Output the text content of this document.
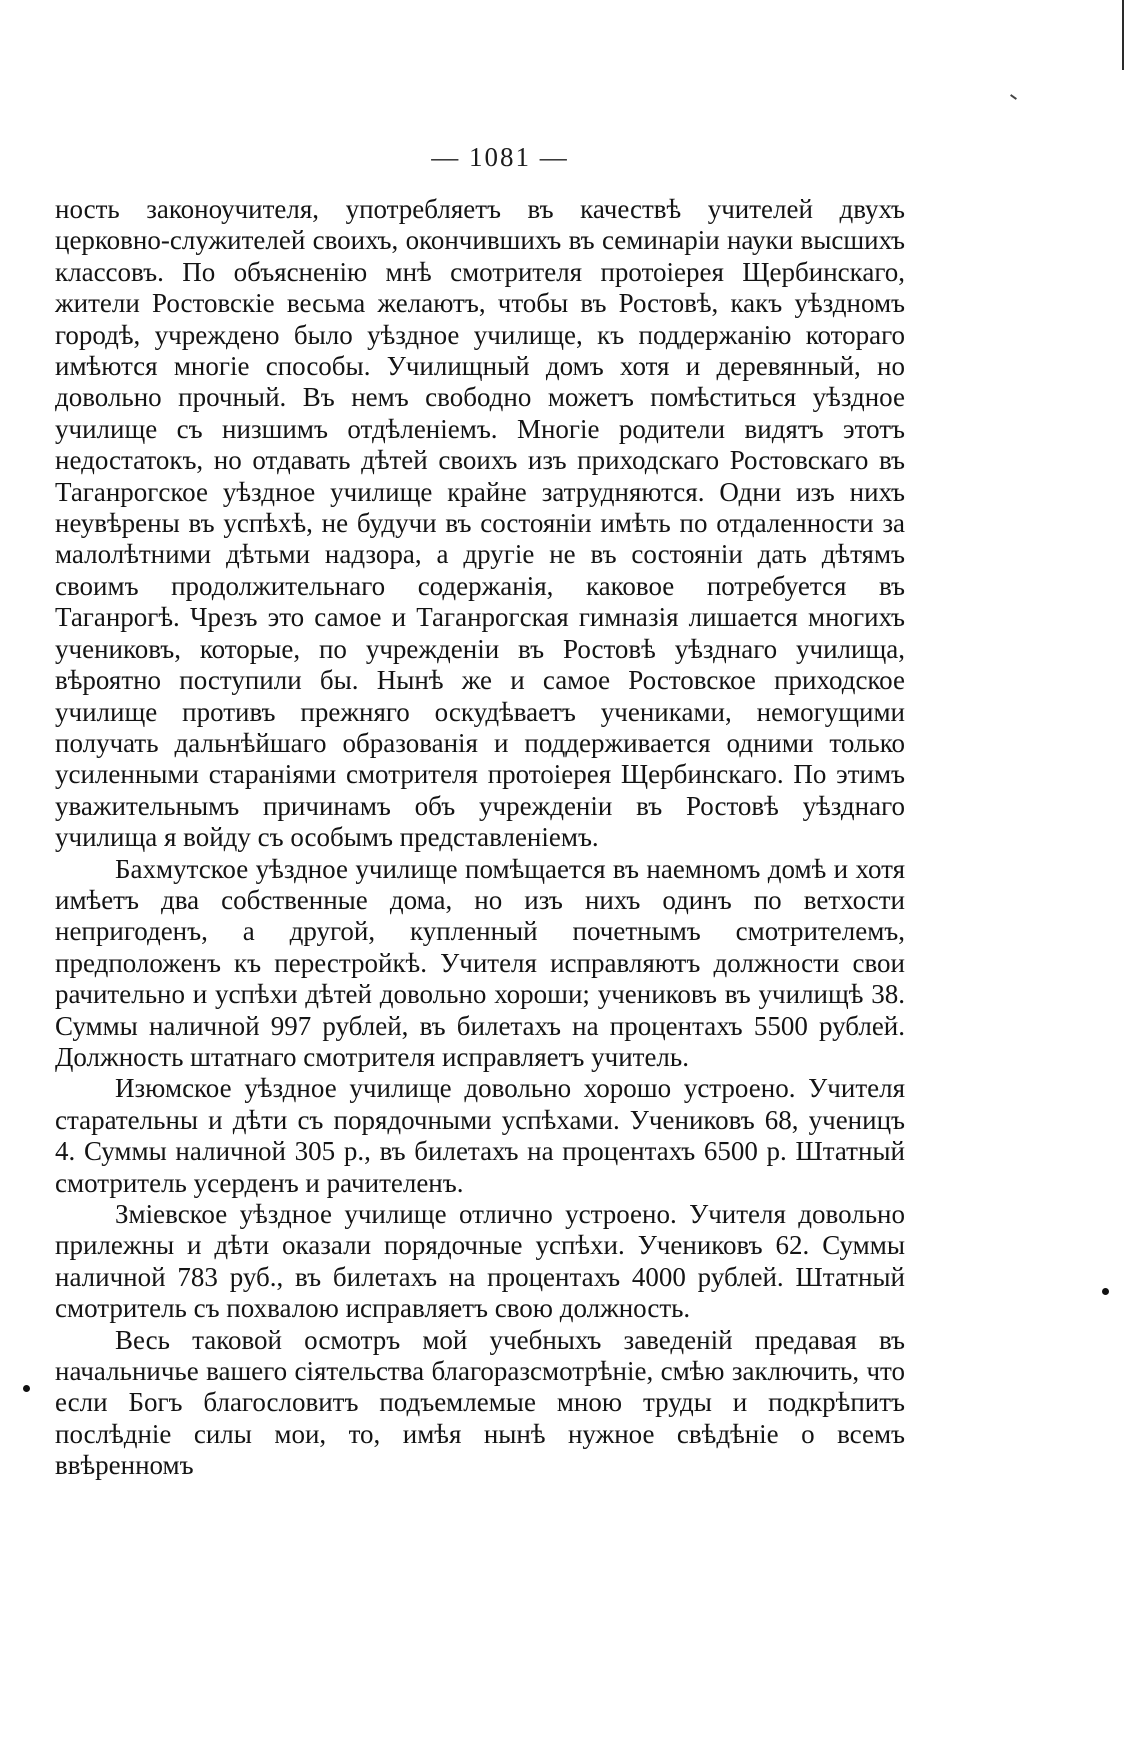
— 1081 —

ность законоучителя, употребляетъ въ качествѣ учителей двухъ церковно-служителей своихъ, окончившихъ въ семинаріи науки высшихъ классовъ. По объясненію мнѣ смотрителя протоіерея Щербинскаго, жители Ростовскіе весьма желаютъ, чтобы въ Ростовѣ, какъ уѣздномъ городѣ, учреждено было уѣздное училище, къ поддержанію котораго имѣются многіе способы. Училищный домъ хотя и деревянный, но довольно прочный. Въ немъ свободно можетъ помѣститься уѣздное училище съ низшимъ отдѣленіемъ. Многіе родители видятъ этотъ недостатокъ, но отдавать дѣтей своихъ изъ приходскаго Ростовскаго въ Таганрогское уѣздное училище крайне затрудняются. Одни изъ нихъ неувѣрены въ успѣхѣ, не будучи въ состояніи имѣть по отдаленности за малолѣтними дѣтьми надзора, а другіе не въ состояніи дать дѣтямъ своимъ продолжительнаго содержанія, каковое потребуется въ Таганрогѣ. Чрезъ это самое и Таганрогская гимназія лишается многихъ учениковъ, которые, по учрежденіи въ Ростовѣ уѣзднаго училища, вѣроятно поступили бы. Нынѣ же и самое Ростовское приходское училище противъ прежняго оскудѣваетъ учениками, немогущими получать дальнѣйшаго образованія и поддерживается одними только усиленными стараніями смотрителя протоіерея Щербинскаго. По этимъ уважительнымъ причинамъ объ учрежденіи въ Ростовѣ уѣзднаго училища я войду съ особымъ представленіемъ.

Бахмутское уѣздное училище помѣщается въ наемномъ домѣ и хотя имѣетъ два собственные дома, но изъ нихъ одинъ по ветхости непригоденъ, а другой, купленный почетнымъ смотрителемъ, предположенъ къ перестройкѣ. Учителя исправляютъ должности свои рачительно и успѣхи дѣтей довольно хороши; учениковъ въ училищѣ 38. Суммы наличной 997 рублей, въ билетахъ на процентахъ 5500 рублей. Должность штатнаго смотрителя исправляетъ учитель.

Изюмское уѣздное училище довольно хорошо устроено. Учителя старательны и дѣти съ порядочными успѣхами. Учениковъ 68, ученицъ 4. Суммы наличной 305 р., въ билетахъ на процентахъ 6500 р. Штатный смотритель усерденъ и рачителенъ.

Зміевское уѣздное училище отлично устроено. Учителя довольно прилежны и дѣти оказали порядочные успѣхи. Учениковъ 62. Суммы наличной 783 руб., въ билетахъ на процентахъ 4000 рублей. Штатный смотритель съ похвалою исправляетъ свою должность.

Весь таковой осмотръ мой учебныхъ заведеній предавая въ начальничье вашего сіятельства благоразсмотрѣніе, смѣю заключить, что если Богъ благословитъ подъемлемые мною труды и подкрѣпитъ послѣдніе силы мои, то, имѣя нынѣ нужное свѣдѣніе о всемъ ввѣренномъ
